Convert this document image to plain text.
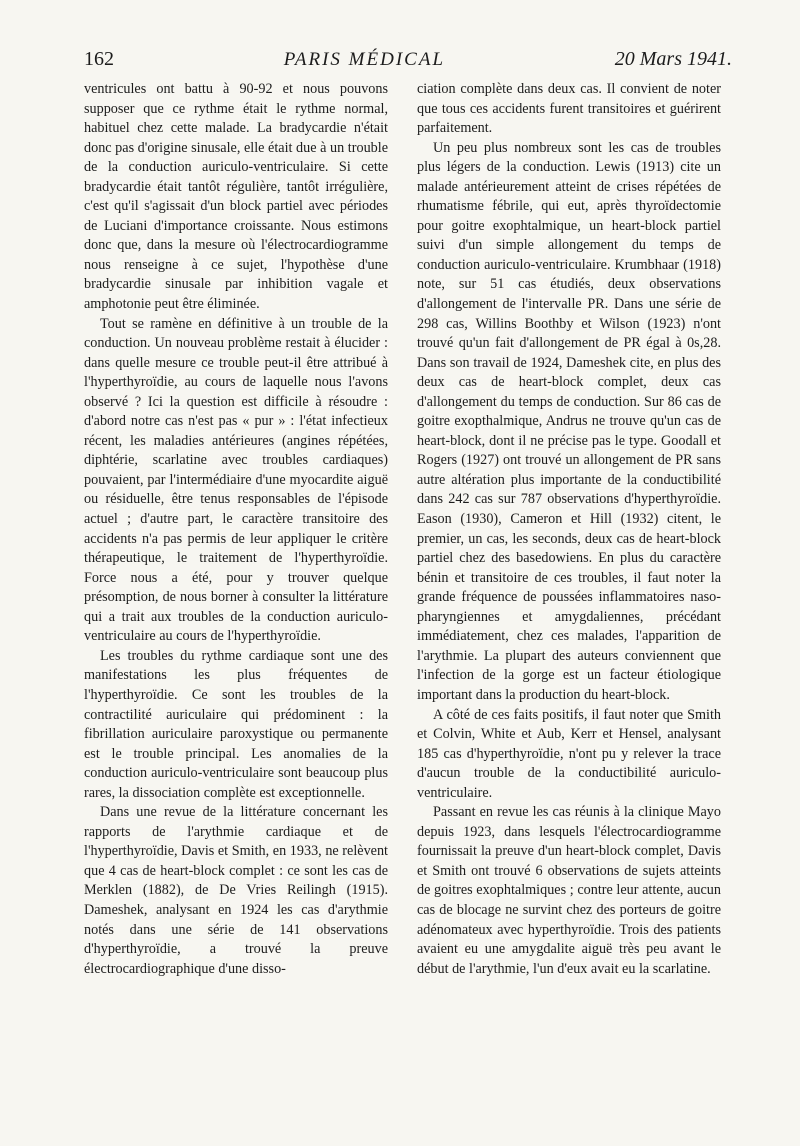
162	PARIS MÉDICAL	20 Mars 1941.

ventricules ont battu à 90-92 et nous pouvons supposer que ce rythme était le rythme normal, habituel chez cette malade. La bradycardie n'était donc pas d'origine sinusale, elle était due à un trouble de la conduction auriculo-ventriculaire. Si cette bradycardie était tantôt régulière, tantôt irrégulière, c'est qu'il s'agissait d'un block partiel avec périodes de Luciani d'importance croissante. Nous estimons donc que, dans la mesure où l'électrocardiogramme nous renseigne à ce sujet, l'hypothèse d'une bradycardie sinusale par inhibition vagale et amphotonie peut être éliminée.

Tout se ramène en définitive à un trouble de la conduction. Un nouveau problème restait à élucider : dans quelle mesure ce trouble peut-il être attribué à l'hyperthyroïdie, au cours de laquelle nous l'avons observé ? Ici la question est difficile à résoudre : d'abord notre cas n'est pas « pur » : l'état infectieux récent, les maladies antérieures (angines répétées, diphtérie, scarlatine avec troubles cardiaques) pouvaient, par l'intermédiaire d'une myocardite aiguë ou résiduelle, être tenus responsables de l'épisode actuel ; d'autre part, le caractère transitoire des accidents n'a pas permis de leur appliquer le critère thérapeutique, le traitement de l'hyperthyroïdie. Force nous a été, pour y trouver quelque présomption, de nous borner à consulter la littérature qui a trait aux troubles de la conduction auriculo-ventriculaire au cours de l'hyperthyroïdie.

Les troubles du rythme cardiaque sont une des manifestations les plus fréquentes de l'hyperthyroïdie. Ce sont les troubles de la contractilité auriculaire qui prédominent : la fibrillation auriculaire paroxystique ou permanente est le trouble principal. Les anomalies de la conduction auriculo-ventriculaire sont beaucoup plus rares, la dissociation complète est exceptionnelle.

Dans une revue de la littérature concernant les rapports de l'arythmie cardiaque et de l'hyperthyroïdie, Davis et Smith, en 1933, ne relèvent que 4 cas de heart-block complet : ce sont les cas de Merklen (1882), de De Vries Reilingh (1915). Dameshek, analysant en 1924 les cas d'arythmie notés dans une série de 141 observations d'hyperthyroïdie, a trouvé la preuve électrocardiographique d'une disso-

ciation complète dans deux cas. Il convient de noter que tous ces accidents furent transitoires et guérirent parfaitement.

Un peu plus nombreux sont les cas de troubles plus légers de la conduction. Lewis (1913) cite un malade antérieurement atteint de crises répétées de rhumatisme fébrile, qui eut, après thyroïdectomie pour goitre exophtalmique, un heart-block partiel suivi d'un simple allongement du temps de conduction auriculo-ventriculaire. Krumbhaar (1918) note, sur 51 cas étudiés, deux observations d'allongement de l'intervalle PR. Dans une série de 298 cas, Willins Boothby et Wilson (1923) n'ont trouvé qu'un fait d'allongement de PR égal à 0s,28. Dans son travail de 1924, Dameshek cite, en plus des deux cas de heart-block complet, deux cas d'allongement du temps de conduction. Sur 86 cas de goitre exopthalmique, Andrus ne trouve qu'un cas de heart-block, dont il ne précise pas le type. Goodall et Rogers (1927) ont trouvé un allongement de PR sans autre altération plus importante de la conductibilité dans 242 cas sur 787 observations d'hyperthyroïdie. Eason (1930), Cameron et Hill (1932) citent, le premier, un cas, les seconds, deux cas de heart-block partiel chez des basedowiens. En plus du caractère bénin et transitoire de ces troubles, il faut noter la grande fréquence de poussées inflammatoires naso-pharyngiennes et amygdaliennes, précédant immédiatement, chez ces malades, l'apparition de l'arythmie. La plupart des auteurs conviennent que l'infection de la gorge est un facteur étiologique important dans la production du heart-block.

A côté de ces faits positifs, il faut noter que Smith et Colvin, White et Aub, Kerr et Hensel, analysant 185 cas d'hyperthyroïdie, n'ont pu y relever la trace d'aucun trouble de la conductibilité auriculo-ventriculaire.

Passant en revue les cas réunis à la clinique Mayo depuis 1923, dans lesquels l'électrocardiogramme fournissait la preuve d'un heart-block complet, Davis et Smith ont trouvé 6 observations de sujets atteints de goitres exophtalmiques ; contre leur attente, aucun cas de blocage ne survint chez des porteurs de goitre adénomateux avec hyperthyroïdie. Trois des patients avaient eu une amygdalite aiguë très peu avant le début de l'arythmie, l'un d'eux avait eu la scarlatine.
